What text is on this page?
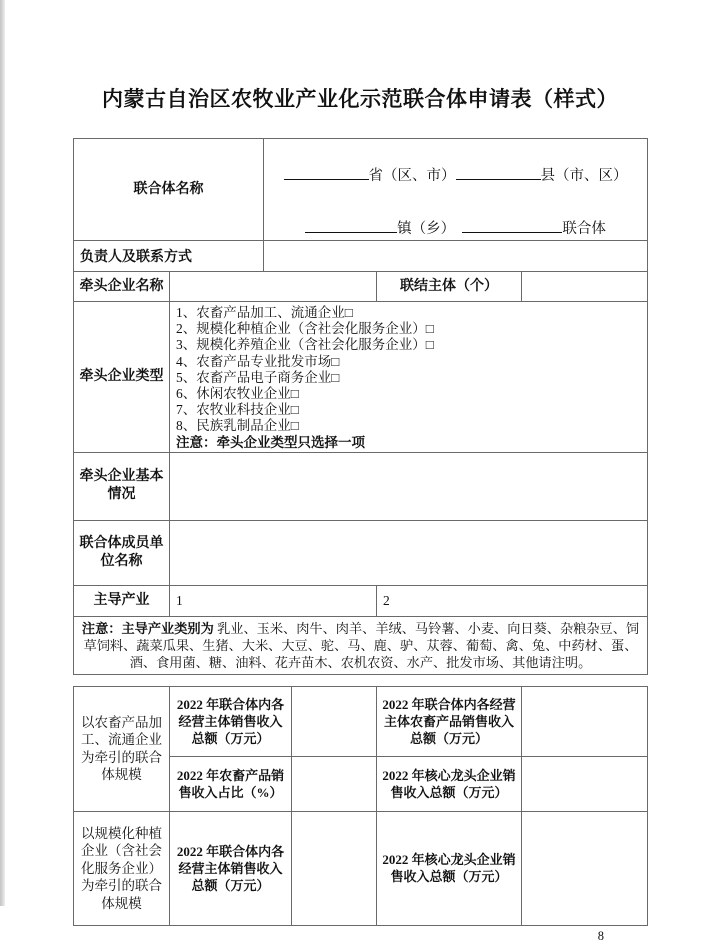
内蒙古自治区农牧业产业化示范联合体申请表（样式）
联合体名称		省（区、市） 县（市、区）
镇（乡） 联合体		

负责人及联系方式				
牵头企业名称			联结主体（个）	
牵头企业类型	
1、农畜产品加工、流通企业□
2、规模化种植企业（含社会化服务企业）□
3、规模化养殖企业（含社会化服务企业）□
4、农畜产品专业批发市场□
5、农畜产品电子商务企业□
6、休闲农牧业企业□
7、农牧业科技企业□
8、民族乳制品企业□
注意：牵头企业类型只选择一项

牵头企业基本情况				
联合体成员单位名称				
主导产业	1		2	
注意：主导产业类别为 乳业、玉米、肉牛、肉羊、羊绒、马铃薯、小麦、向日葵、杂粮杂豆、饲草饲料、蔬菜瓜果、生猪、大米、大豆、驼、马、鹿、驴、苁蓉、葡萄、禽、兔、中药材、蛋、酒、食用菌、糖、油料、花卉苗木、农机农资、水产、批发市场、其他请注明。				
以农畜产品加工、流通企业为牵引的联合体规模	2022 年联合体内各经营主体销售收入总额（万元）		2022 年联合体内各经营主体农畜产品销售收入总额（万元）	
	2022 年农畜产品销售收入占比（%）		2022 年核心龙头企业销售收入总额（万元）	
以规模化种植企业（含社会化服务企业）为牵引的联合体规模	2022 年联合体内各经营主体销售收入总额（万元）		2022 年核心龙头企业销售收入总额（万元）	
8
